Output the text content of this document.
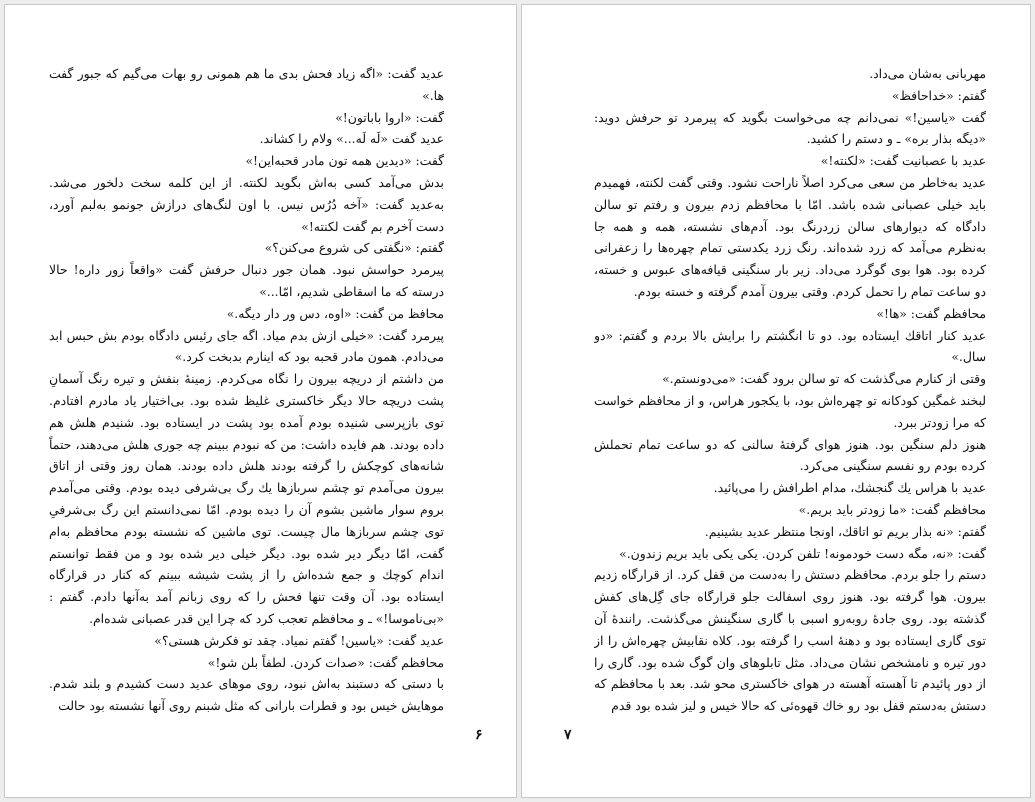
عدید گفت: «اگه زیاد فحش بدی ما هم همونی رو بهات می‌گیم که جبور گفت ها.»

گفت: «اروا باباتون!»

عدید گفت «لَه لَه...» ولام را کشاند.

گفت: «دیدین همه تون مادر قحبه‌این!»

بدش می‌آمد کسی به‌اش بگوید لکنته. از این کلمه سخت دلخور می‌شد. به‌عدید گفت: «آخه دُرُس نیس. با اون لنگ‌های درازش جونمو به‌لبم آورد، دست آخرم بم گفت لکنته!»

گفتم: «نگفتی کی شروع می‌کنن؟»

پیرمرد حواسش نبود. همان جور دنبال حرفش گفت «واقعاً زور داره! حالا درسته که ما اسقاطی شدیم، امّا...»

محافظ من گفت: «اوه، دس ور دار دیگه.»

پیرمرد گفت: «خیلی ازش بدم میاد. اگه جای رئیس دادگاه بودم بش حبس ابد می‌دادم. همون مادر قحبه بود که اینارم بدبخت کرد.»

من داشتم از دریچه بیرون را نگاه می‌کردم. زمینهٔ بنفش و تیره رنگ آسمانِ پشت دریچه حالا دیگر خاکستری غلیظ شده بود. بی‌اختیار یاد مادرم افتادم. توی بازپرسی شنیده بودم آمده بود پشت در ایستاده بود. شنیدم هلش هم داده بودند. هم فایده داشت: من که نبودم ببینم چه جوری هلش می‌دهند، حتماً شانه‌های کوچکش را گرفته بودند هلش داده بودند. همان روز وقتی از اتاق بیرون می‌آمدم تو چشم سربازها یك رگ بی‌شرفی دیده بودم. وقتی می‌آمدم بروم سوار ماشین بشوم آن را دیده بودم. امّا نمی‌دانستم این رگ بی‌شرفیِ توی چشم سربازها مال چیست. توی ماشین که نشسته بودم محافظم به‌ام گفت، امّا دیگر دیر شده بود. دیگر خیلی دیر شده بود و من فقط توانستم اندام کوچك و جمع شده‌اش را از پشت شیشه ببینم که کنار در قرارگاه ایستاده بود. آن وقت تنها فحش را که روی زبانم آمد به‌آنها دادم. گفتم : «بی‌ناموسا!» ـ و محافظم تعجب کرد که چرا این قدر عصبانی شده‌ام.

عدید گفت: «یاسین! گفتم نمیاد. چقد تو فکرش هستی؟»

محافظم گفت: «صدات کردن. لطفاً بلن شو!»

با دستی که دستبند به‌اش نبود، روی موهای عدید دست کشیدم و بلند شدم. موهایش خیس بود و قطرات بارانی که مثل شبنم روی آنها نشسته بود حالت

۶

مهربانی به‌شان می‌داد.

گفتم: «خداحافظ»

گفت «یاسین!» نمی‌دانم چه می‌خواست بگوید که پیرمرد تو حرفش دوید: «دیگه بذار بره» ـ و دستم را کشید.

عدید با عصبانیت گفت: «لکنته!»

عدید به‌خاطر من سعی می‌کرد اصلاً ناراحت نشود. وقتی گفت لکنته، فهمیدم باید خیلی عصبانی شده باشد. امّا با محافظم زدم بیرون و رفتم تو سالن دادگاه که دیوارهای سالن زردرنگ بود. آدم‌های نشسته، همه و همه جا به‌نظرم می‌آمد که زرد شده‌اند. رنگ زرد یکدستی تمام چهره‌ها را زعفرانی کرده بود. هوا بوی گوگرد می‌داد. زیر بار سنگینی قیافه‌های عبوس و خسته، دو ساعت تمام را تحمل کردم. وقتی بیرون آمدم گرفته و خسته بودم.

محافظم گفت: «ها!»

عدید کنار اتاقك ایستاده بود. دو تا انگشتم را برایش بالا بردم و گفتم: «دو سال.»

وقتی از کنارم می‌گذشت که تو سالن برود گفت: «می‌دونستم.»

لبخند غمگین کودکانه تو چهره‌اش بود، با یکجور هراس، و از محافظم خواست که مرا زودتر ببرد.

هنوز دلم سنگین بود. هنوز هوای گرفتهٔ سالنی که دو ساعت تمام تحملش کرده بودم رو نفسم سنگینی می‌کرد.

عدید با هراس یك گنجشك، مدام اطرافش را می‌پائید.

محافظم گفت: «ما زودتر باید بریم.»

گفتم: «نه بذار بریم تو اتاقك، اونجا منتظر عدید بشینیم.

گفت: «نه، مگه دست خودمونه! تلفن کردن. یکی یکی باید بریم زندون.»

دستم را جلو بردم. محافظم دستش را به‌دست من قفل کرد. از قرارگاه زدیم بیرون. هوا گرفته بود. هنوز روی اسفالت جلو قرارگاه جای گِل‌های کفش گذشته بود. روی جادهٔ روبه‌رو اسبی با گاری سنگینش می‌گذشت. رانندهٔ آن توی گاری ایستاده بود و دهنهٔ اسب را گرفته بود. کلاه نقابیش چهره‌اش را از دور تیره و نامشخص نشان می‌داد. مثل تابلوهای وان گوگ شده بود. گاری را از دور پائیدم تا آهسته آهسته در هوای خاکستری محو شد. بعد با محافظم که دستش به‌دستم قفل بود رو خاك قهوه‌ئی که حالا خیس و لیز شده بود قدم

۷
